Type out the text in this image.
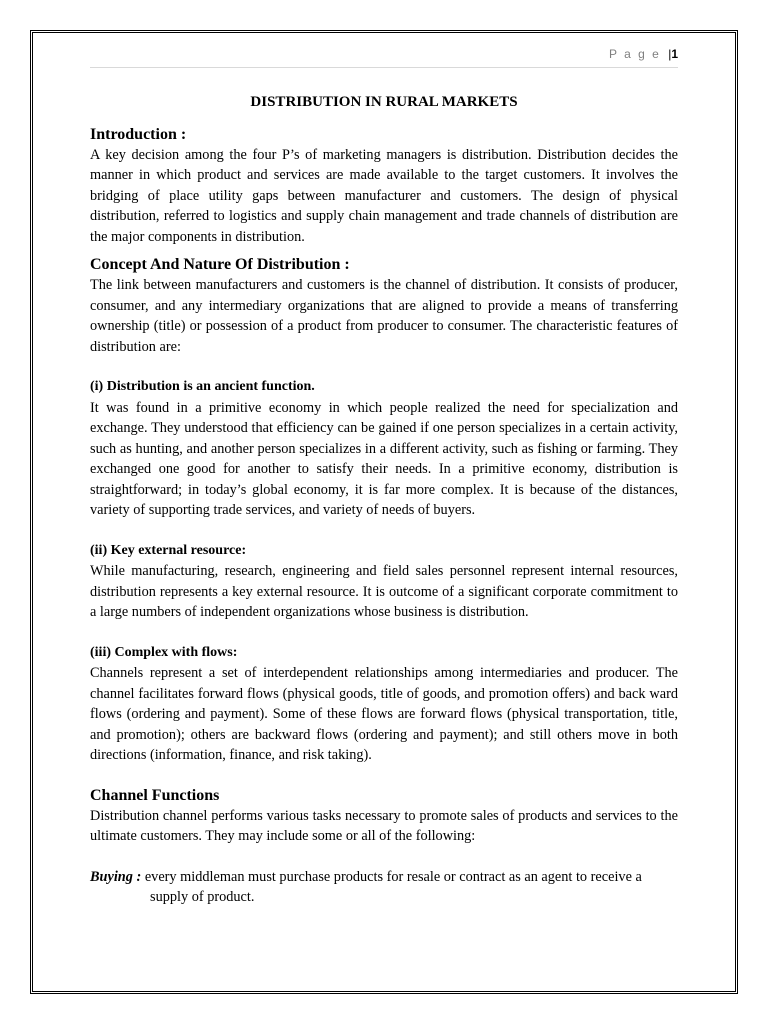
P a g e |1
DISTRIBUTION IN RURAL MARKETS
Introduction :

A key decision among the four P’s of marketing managers is distribution. Distribution decides the manner in which product and services are made available to the target customers. It involves the bridging of place utility gaps between manufacturer and customers. The design of physical distribution, referred to logistics and supply chain management and trade channels of distribution are the major components in distribution.

Concept And Nature Of Distribution :

The link between manufacturers and customers is the channel of distribution. It consists of producer, consumer, and any intermediary organizations that are aligned to provide a means of transferring ownership (title) or possession of a product from producer to consumer. The characteristic features of distribution are:

(i) Distribution is an ancient function.

It was found in a primitive economy in which people realized the need for specialization and exchange. They understood that efficiency can be gained if one person specializes in a certain activity, such as hunting, and another person specializes in a different activity, such as fishing or farming. They exchanged one good for another to satisfy their needs. In a primitive economy, distribution is straightforward; in today’s global economy, it is far more complex. It is because of the distances, variety of supporting trade services, and variety of needs of buyers.

(ii) Key external resource:

While manufacturing, research, engineering and field sales personnel represent internal resources, distribution represents a key external resource. It is outcome of a significant corporate commitment to a large numbers of independent organizations whose business is distribution.

(iii) Complex with flows:

Channels represent a set of interdependent relationships among intermediaries and producer. The channel facilitates forward flows (physical goods, title of goods, and promotion offers) and back ward flows (ordering and payment). Some of these flows are forward flows (physical transportation, title, and promotion); others are backward flows (ordering and payment); and still others move in both directions (information, finance, and risk taking).

Channel Functions

Distribution channel performs various tasks necessary to promote sales of products and services to the ultimate customers. They may include some or all of the following:

Buying : every middleman must purchase products for resale or contract as an agent to receive a supply of product.
